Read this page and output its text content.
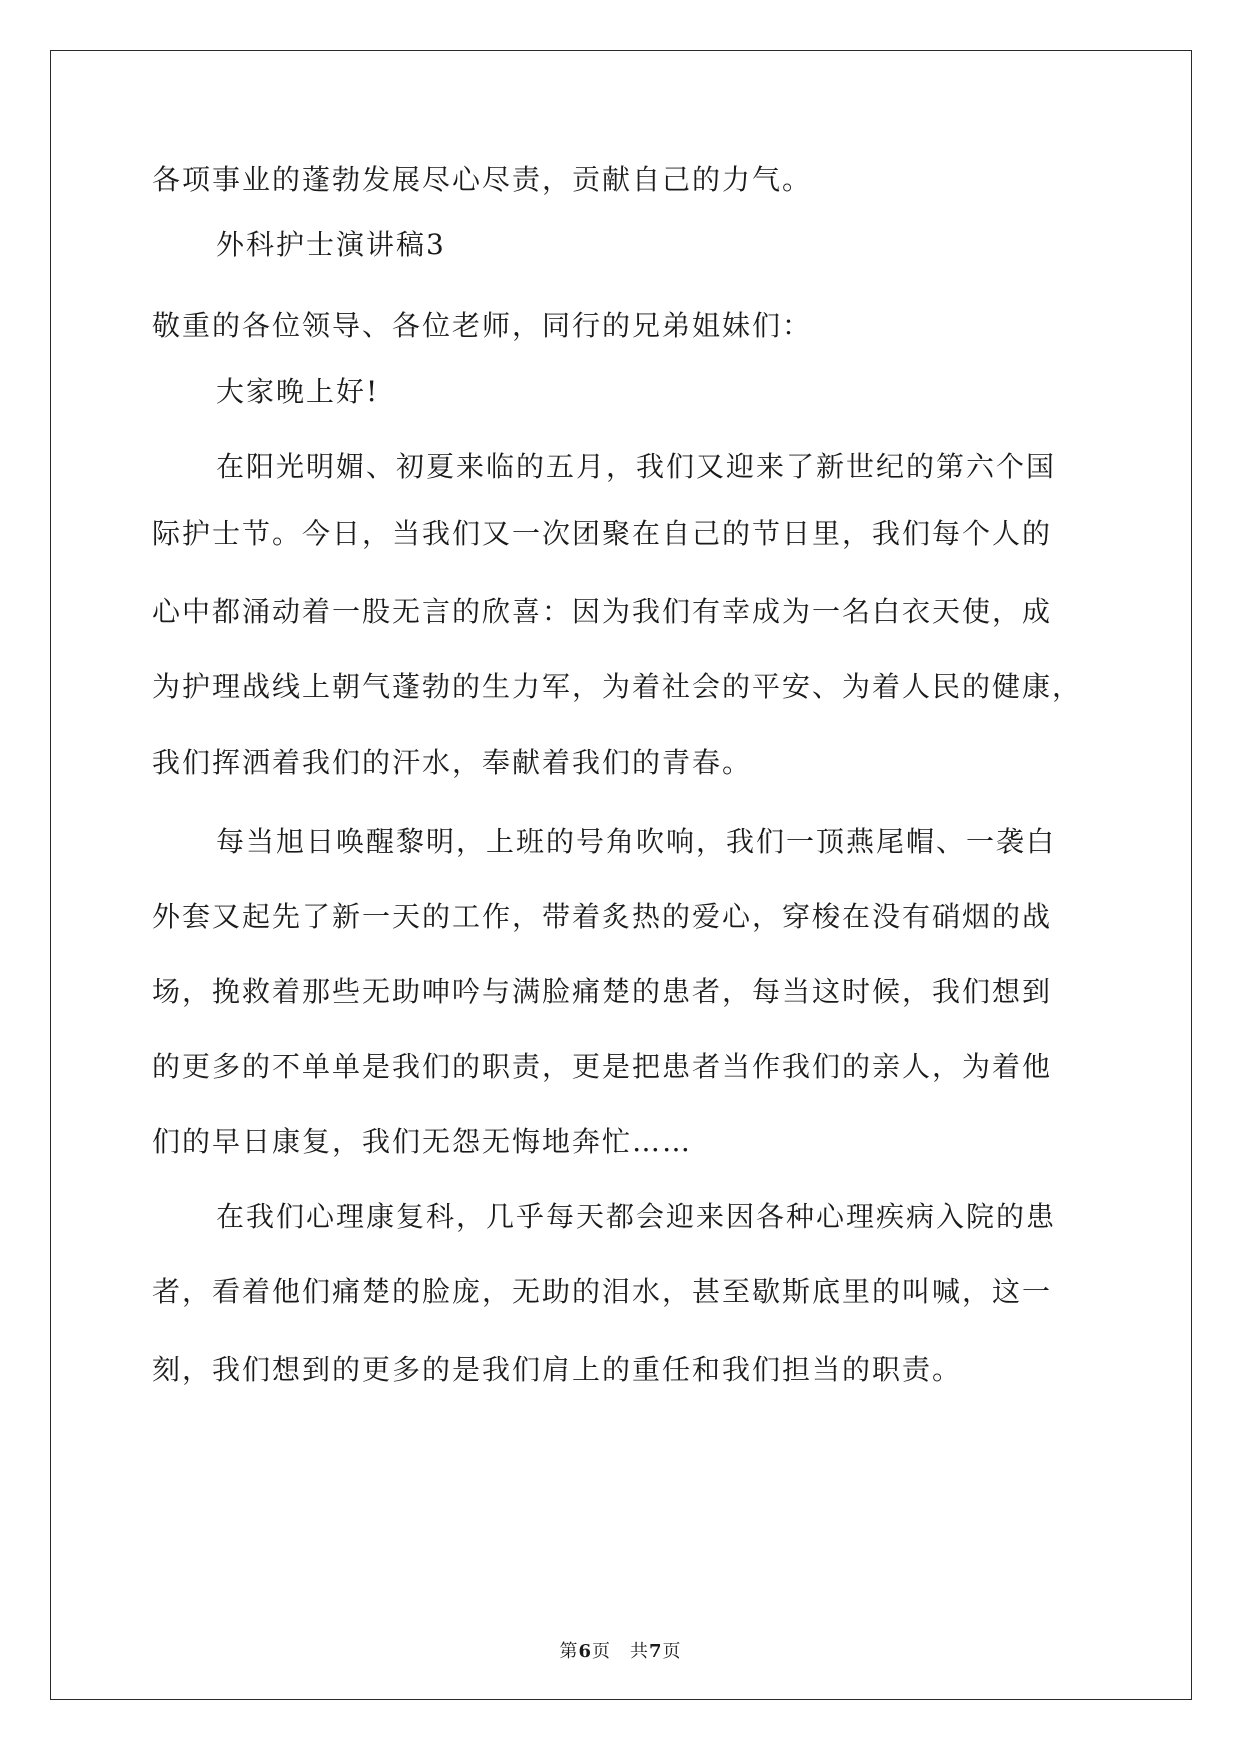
各项事业的蓬勃发展尽心尽责，贡献自己的力气。
外科护士演讲稿3
敬重的各位领导、各位老师，同行的兄弟姐妹们：
大家晚上好!
在阳光明媚、初夏来临的五月，我们又迎来了新世纪的第六个国
际护士节。今日，当我们又一次团聚在自己的节日里，我们每个人的
心中都涌动着一股无言的欣喜：因为我们有幸成为一名白衣天使，成
为护理战线上朝气蓬勃的生力军，为着社会的平安、为着人民的健康，
我们挥洒着我们的汗水，奉献着我们的青春。
每当旭日唤醒黎明，上班的号角吹响，我们一顶燕尾帽、一袭白
外套又起先了新一天的工作，带着炙热的爱心，穿梭在没有硝烟的战
场，挽救着那些无助呻吟与满脸痛楚的患者，每当这时候，我们想到
的更多的不单单是我们的职责，更是把患者当作我们的亲人，为着他
们的早日康复，我们无怨无悔地奔忙……
在我们心理康复科，几乎每天都会迎来因各种心理疾病入院的患
者，看着他们痛楚的脸庞，无助的泪水，甚至歇斯底里的叫喊，这一
刻，我们想到的更多的是我们肩上的重任和我们担当的职责。
第6页　共7页
